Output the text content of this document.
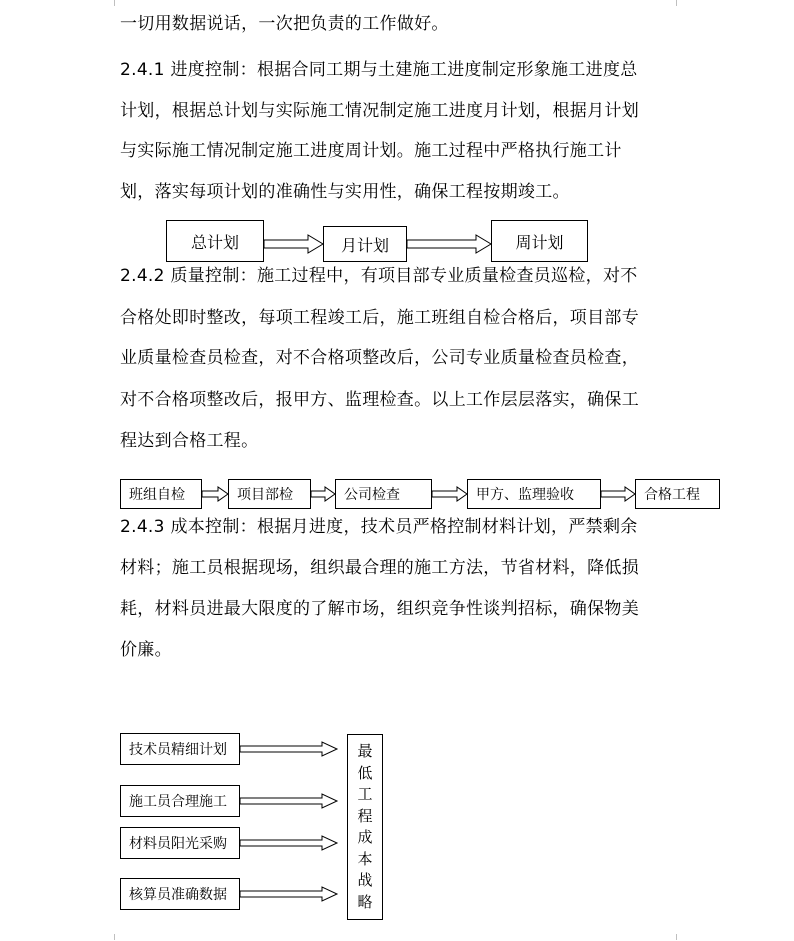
一切用数据说话，一次把负责的工作做好。
2.4.1 进度控制：根据合同工期与土建施工进度制定形象施工进度总
计划，根据总计划与实际施工情况制定施工进度月计划，根据月计划
与实际施工情况制定施工进度周计划。施工过程中严格执行施工计
划，落实每项计划的准确性与实用性，确保工程按期竣工。
总计划	月计划	周计划
2.4.2 质量控制：施工过程中，有项目部专业质量检查员巡检，对不
合格处即时整改，每项工程竣工后，施工班组自检合格后，项目部专
业质量检查员检查，对不合格项整改后，公司专业质量检查员检查，
对不合格项整改后，报甲方、监理检查。以上工作层层落实，确保工
程达到合格工程。
班组自检	项目部检	公司检查	甲方、监理验收	合格工程
2.4.3 成本控制：根据月进度，技术员严格控制材料计划，严禁剩余
材料；施工员根据现场，组织最合理的施工方法，节省材料，降低损
耗，材料员进最大限度的了解市场，组织竞争性谈判招标，确保物美
价廉。
技术员精细计划
施工员合理施工
材料员阳光采购
核算员准确数据
最
低
工
程
成
本
战
略
